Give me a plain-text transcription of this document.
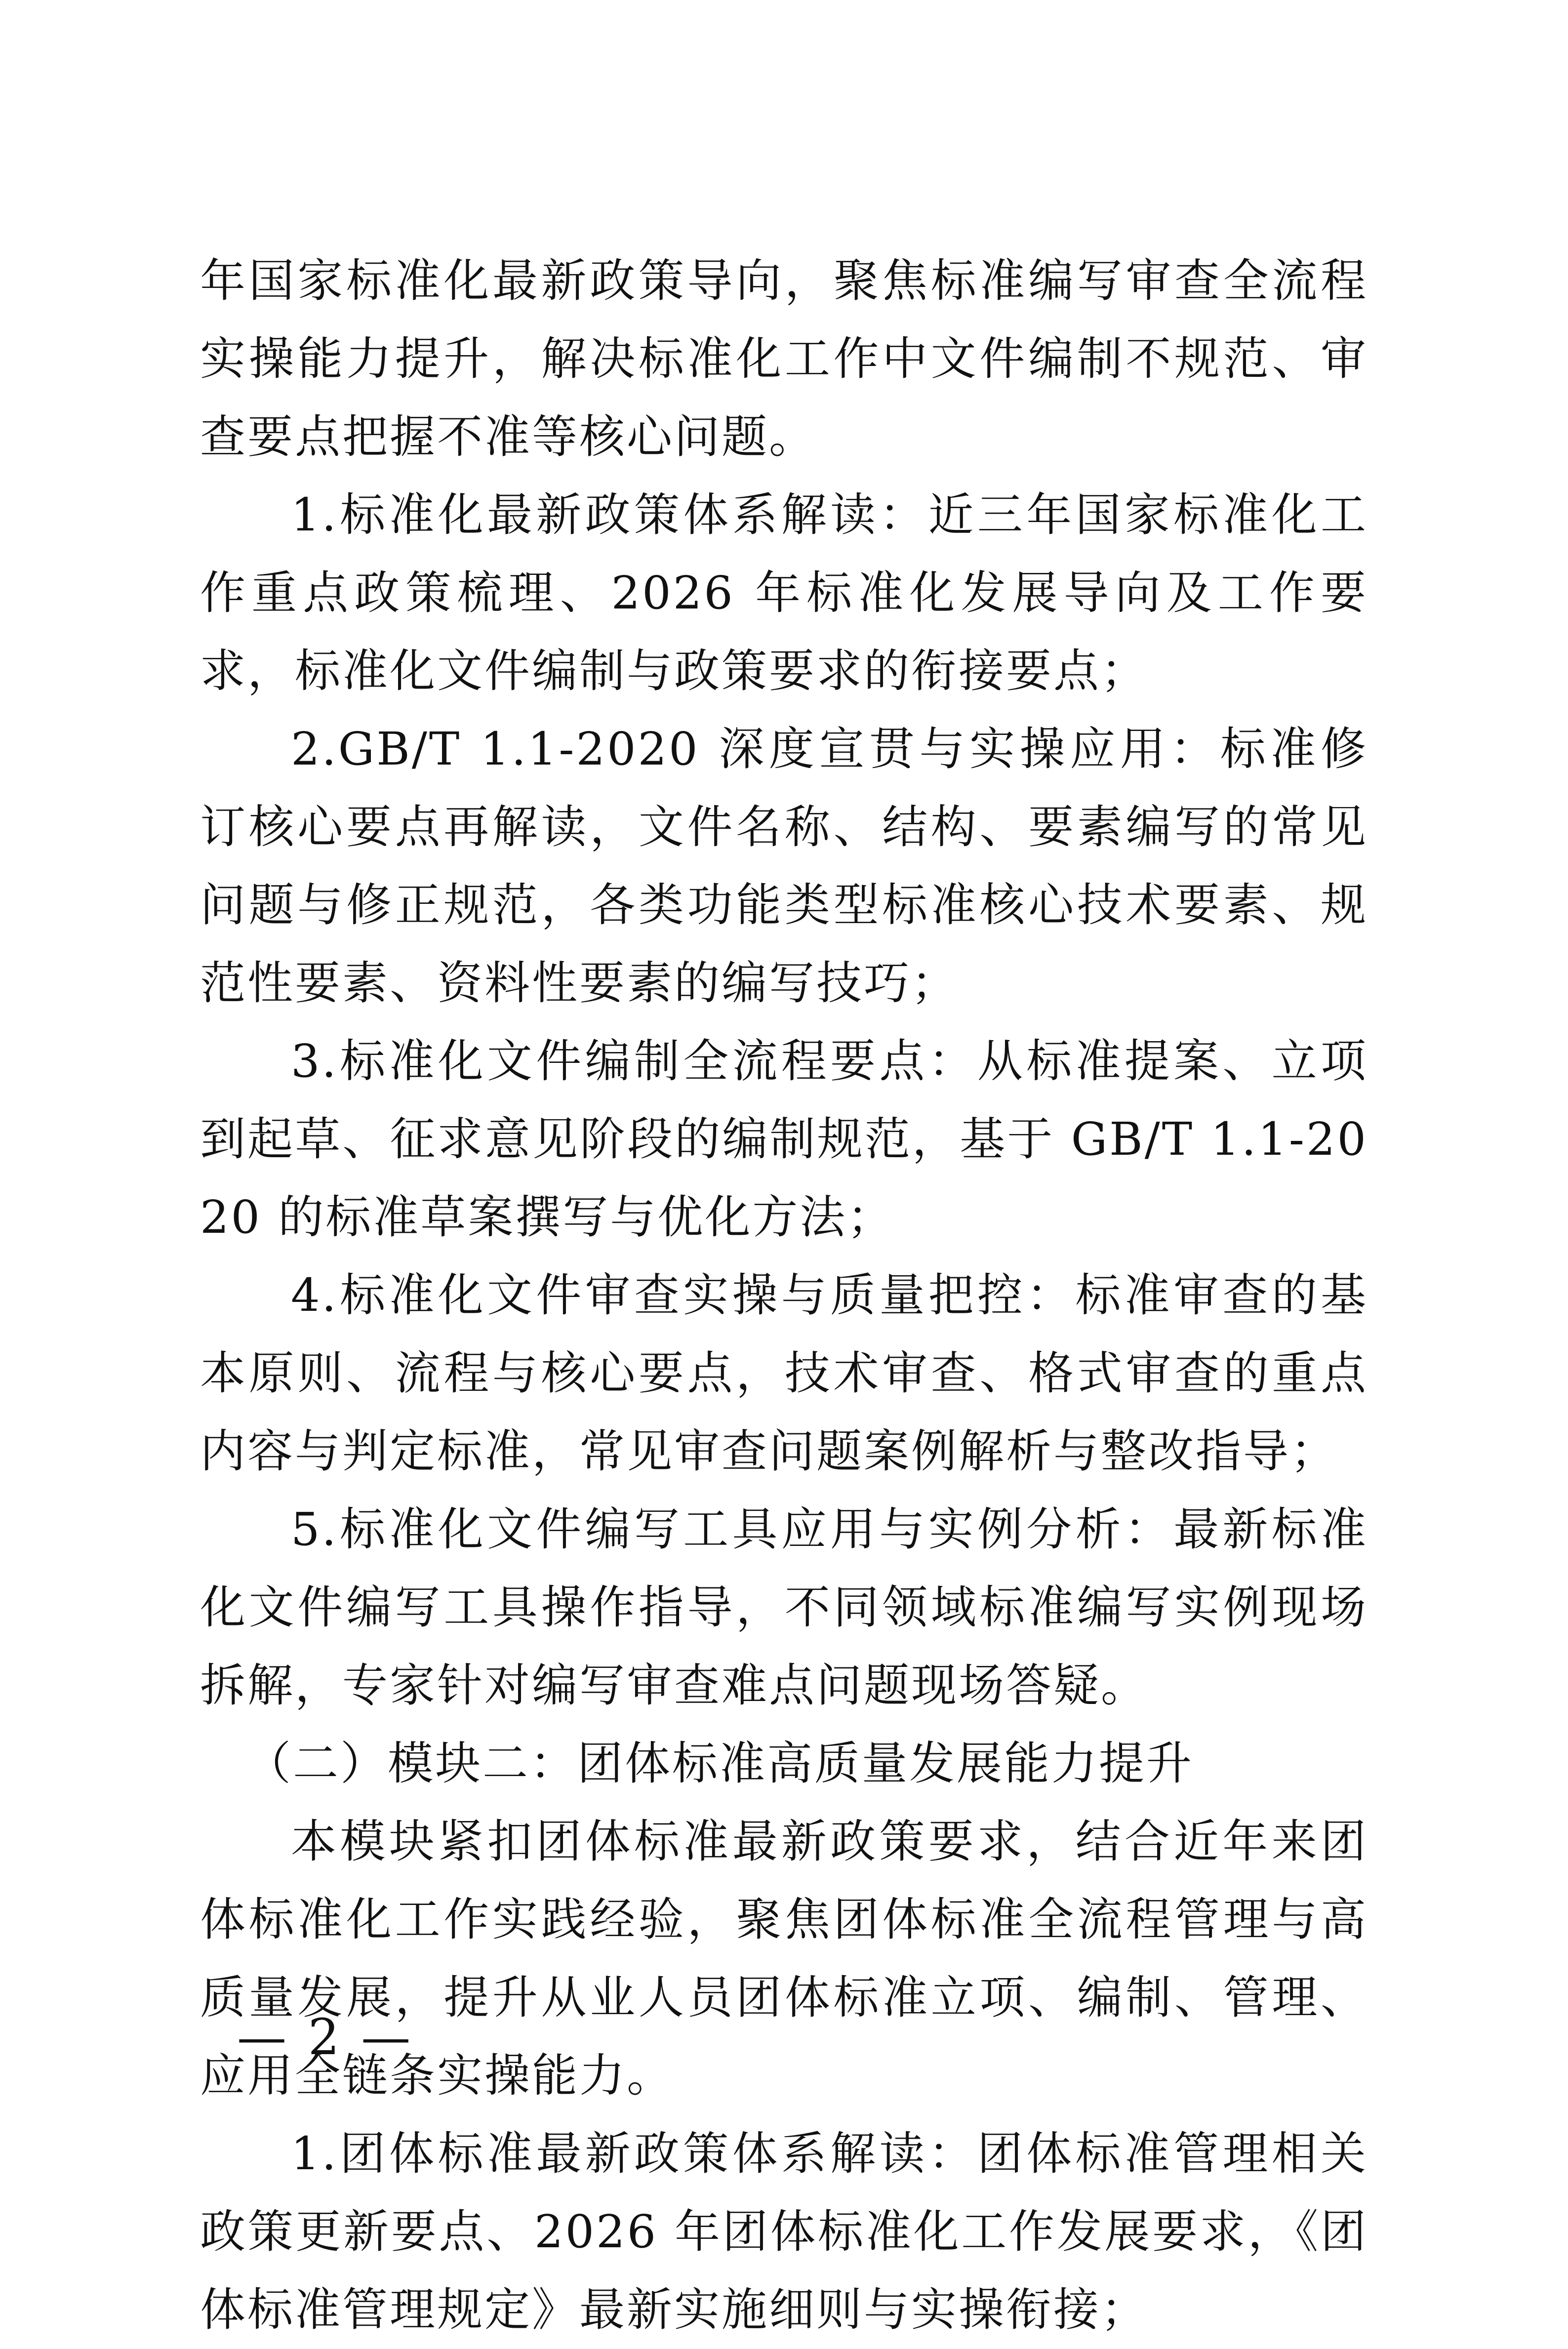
年国家标准化最新政策导向，聚焦标准编写审查全流程实操能力提升，解决标准化工作中文件编制不规范、审查要点把握不准等核心问题。

1.标准化最新政策体系解读：近三年国家标准化工作重点政策梳理、2026 年标准化发展导向及工作要求，标准化文件编制与政策要求的衔接要点；

2.GB/T 1.1-2020 深度宣贯与实操应用：标准修订核心要点再解读，文件名称、结构、要素编写的常见问题与修正规范，各类功能类型标准核心技术要素、规范性要素、资料性要素的编写技巧；

3.标准化文件编制全流程要点：从标准提案、立项到起草、征求意见阶段的编制规范，基于 GB/T 1.1-2020 的标准草案撰写与优化方法；

4.标准化文件审查实操与质量把控：标准审查的基本原则、流程与核心要点，技术审查、格式审查的重点内容与判定标准，常见审查问题案例解析与整改指导；

5.标准化文件编写工具应用与实例分析：最新标准化文件编写工具操作指导，不同领域标准编写实例现场拆解，专家针对编写审查难点问题现场答疑。

（二）模块二：团体标准高质量发展能力提升

本模块紧扣团体标准最新政策要求，结合近年来团体标准化工作实践经验，聚焦团体标准全流程管理与高质量发展，提升从业人员团体标准立项、编制、管理、应用全链条实操能力。

1.团体标准最新政策体系解读：团体标准管理相关政策更新要点、2026 年团体标准化工作发展要求，《团体标准管理规定》最新实施细则与实操衔接；

— 2 —
